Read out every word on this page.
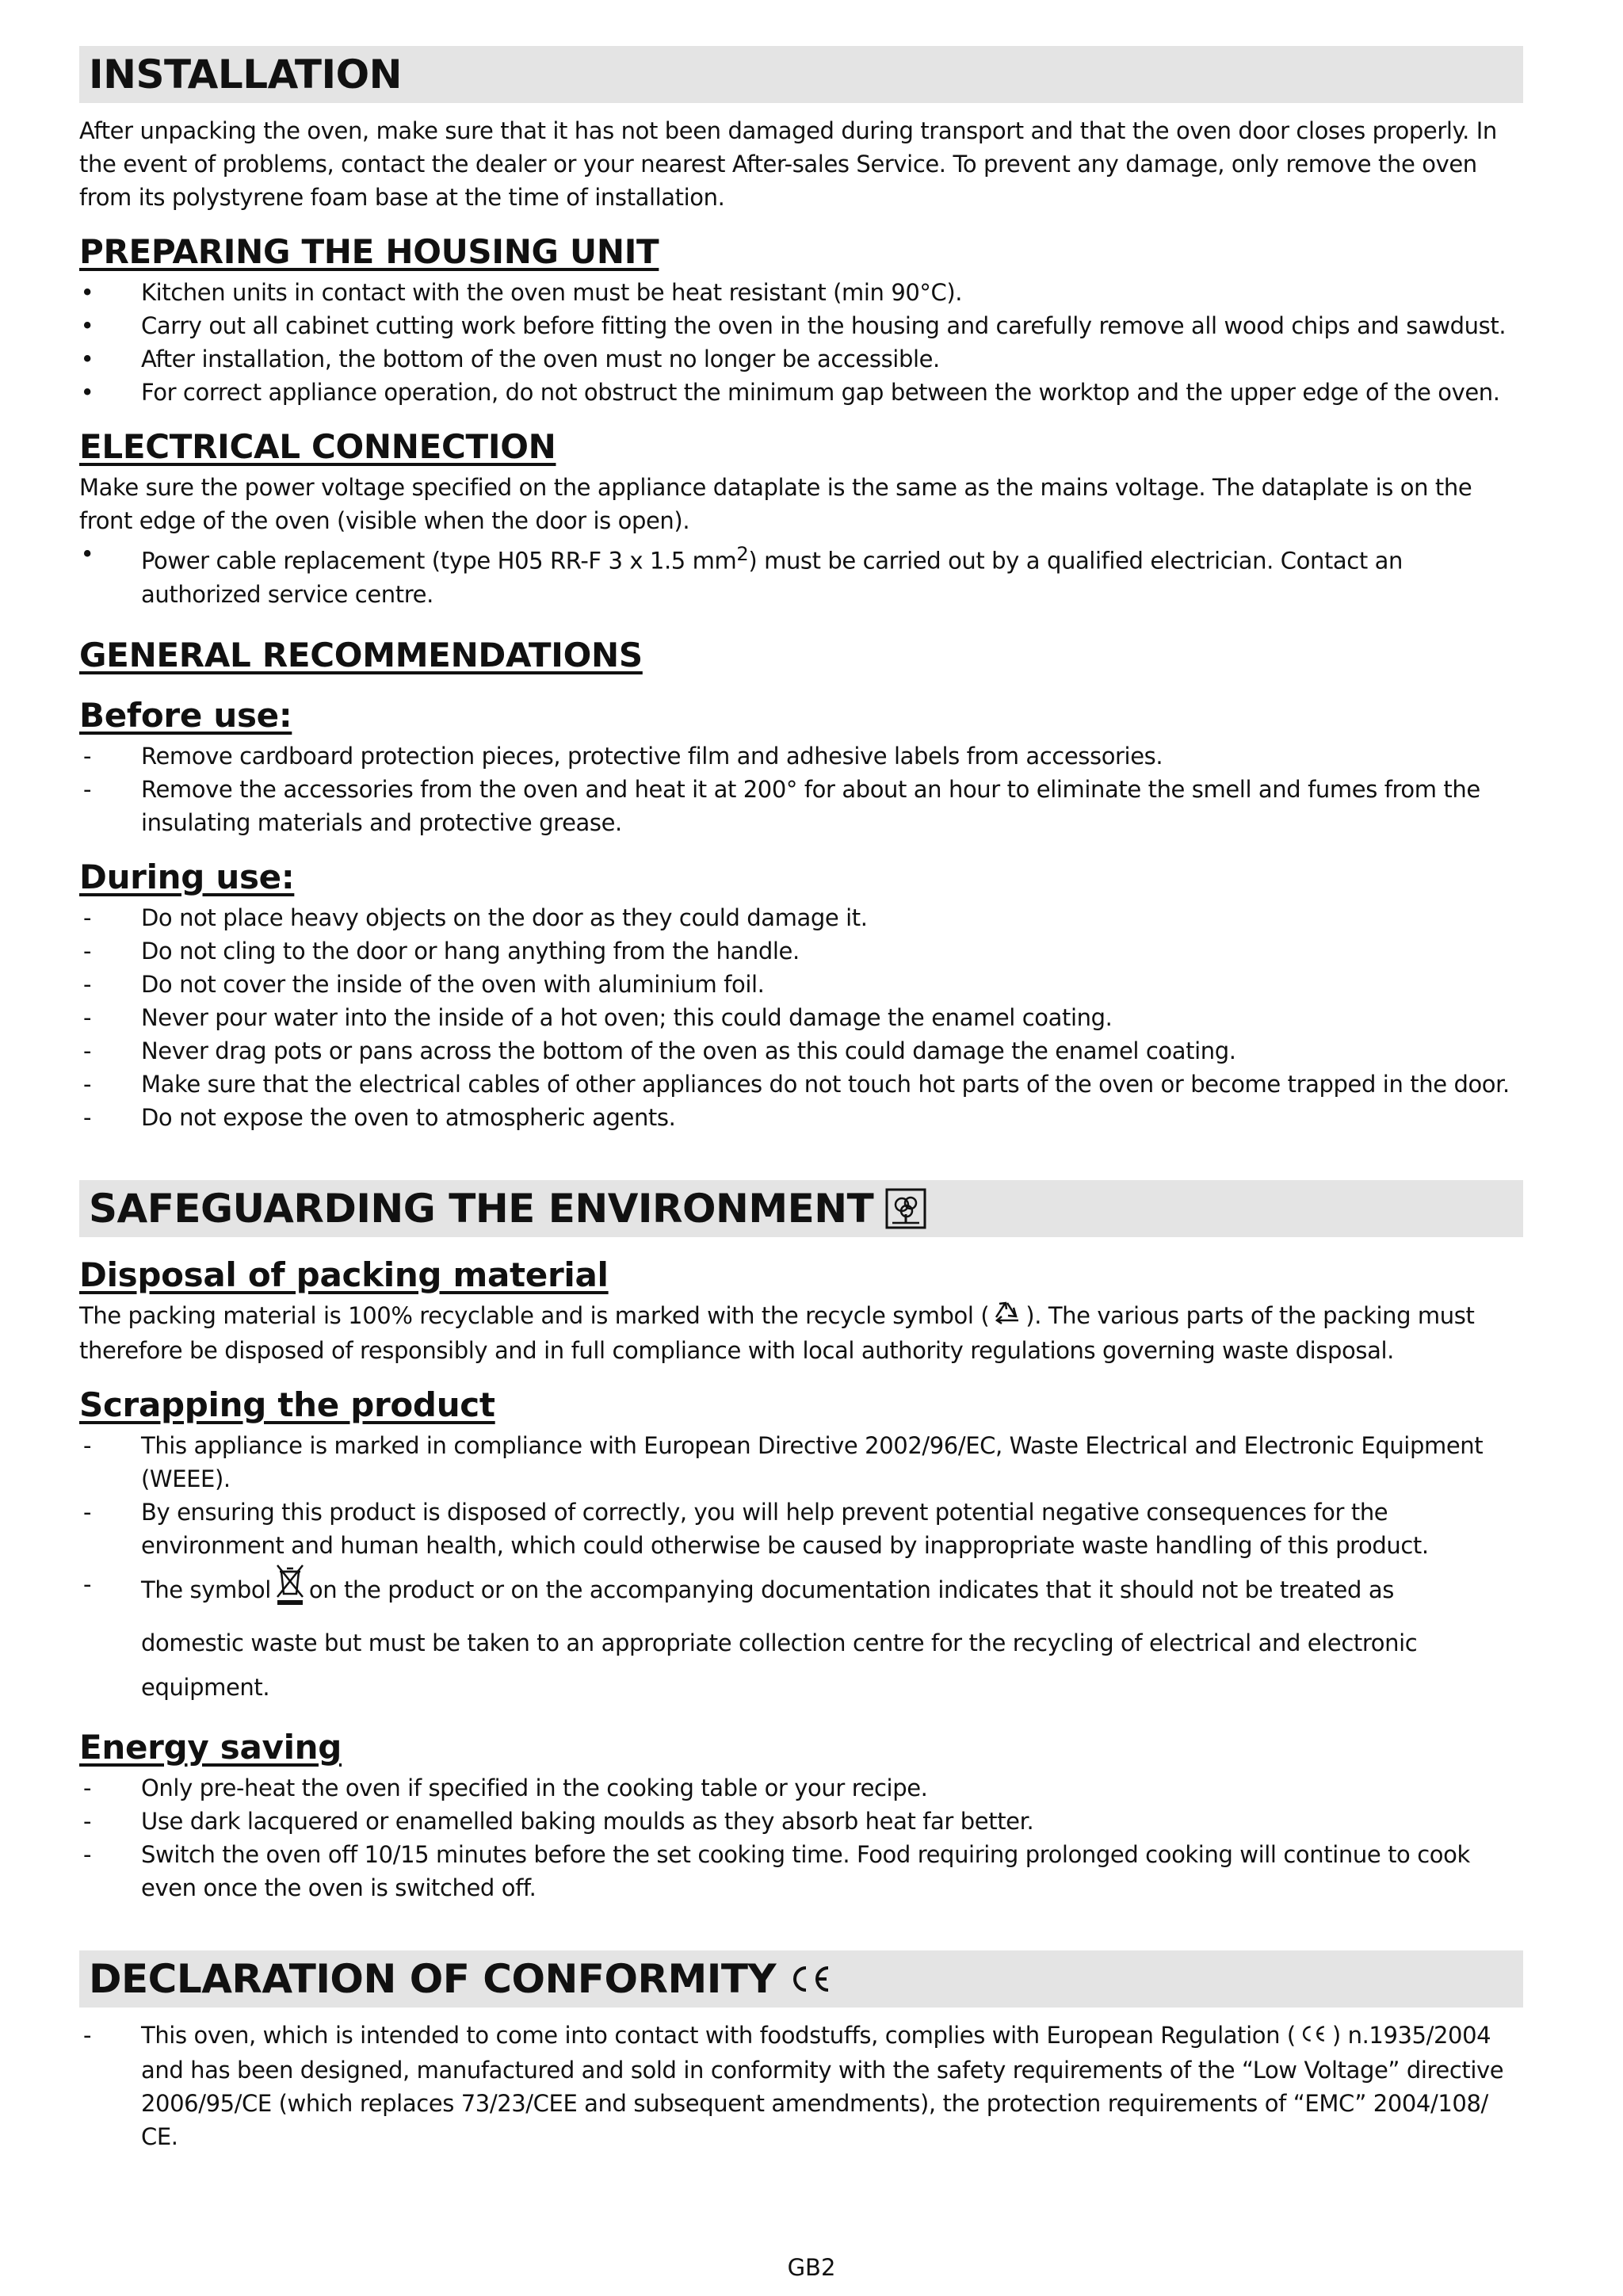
INSTALLATION

After unpacking the oven, make sure that it has not been damaged during transport and that the oven door closes properly. In the event of problems, contact the dealer or your nearest After-sales Service. To prevent any damage, only remove the oven from its polystyrene foam base at the time of installation.

PREPARING THE HOUSING UNIT
• Kitchen units in contact with the oven must be heat resistant (min 90°C).
• Carry out all cabinet cutting work before fitting the oven in the housing and carefully remove all wood chips and sawdust.
• After installation, the bottom of the oven must no longer be accessible.
• For correct appliance operation, do not obstruct the minimum gap between the worktop and the upper edge of the oven.
ELECTRICAL CONNECTION

Make sure the power voltage specified on the appliance dataplate is the same as the mains voltage. The dataplate is on the front edge of the oven (visible when the door is open).

• Power cable replacement (type H05 RR-F 3 x 1.5 $mm^2$) must be carried out by a qualified electrician. Contact an authorized service centre.
GENERAL RECOMMENDATIONS
Before use:
- Remove cardboard protection pieces, protective film and adhesive labels from accessories.
- Remove the accessories from the oven and heat it at 200° for about an hour to eliminate the smell and fumes from the insulating materials and protective grease.
During use:
- Do not place heavy objects on the door as they could damage it.
- Do not cling to the door or hang anything from the handle.
- Do not cover the inside of the oven with aluminium foil.
- Never pour water into the inside of a hot oven; this could damage the enamel coating.
- Never drag pots or pans across the bottom of the oven as this could damage the enamel coating.
- Make sure that the electrical cables of other appliances do not touch hot parts of the oven or become trapped in the door.
- Do not expose the oven to atmospheric agents.
SAFEGUARDING THE ENVIRONMENT
Disposal of packing material

The packing material is 100% recyclable and is marked with the recycle symbol ( ). The various parts of the packing must therefore be disposed of responsibly and in full compliance with local authority regulations governing waste disposal.

Scrapping the product
- This appliance is marked in compliance with European Directive 2002/96/EC, Waste Electrical and Electronic Equipment (WEEE).
- By ensuring this product is disposed of correctly, you will help prevent potential negative consequences for the environment and human health, which could otherwise be caused by inappropriate waste handling of this product.
- The symbol on the product or on the accompanying documentation indicates that it should not be treated as
domestic waste but must be taken to an appropriate collection centre for the recycling of electrical and electronic equipment.
Energy saving
- Only pre-heat the oven if specified in the cooking table or your recipe.
- Use dark lacquered or enamelled baking moulds as they absorb heat far better.
- Switch the oven off 10/15 minutes before the set cooking time. Food requiring prolonged cooking will continue to cook even once the oven is switched off.
DECLARATION OF CONFORMITY
- This oven, which is intended to come into contact with foodstuffs, complies with European Regulation ( ) n.1935/2004 and has been designed, manufactured and sold in conformity with the safety requirements of the “Low Voltage” directive 2006/95/CE (which replaces 73/23/CEE and subsequent amendments), the protection requirements of “EMC” 2004/108/ CE.
GB2
